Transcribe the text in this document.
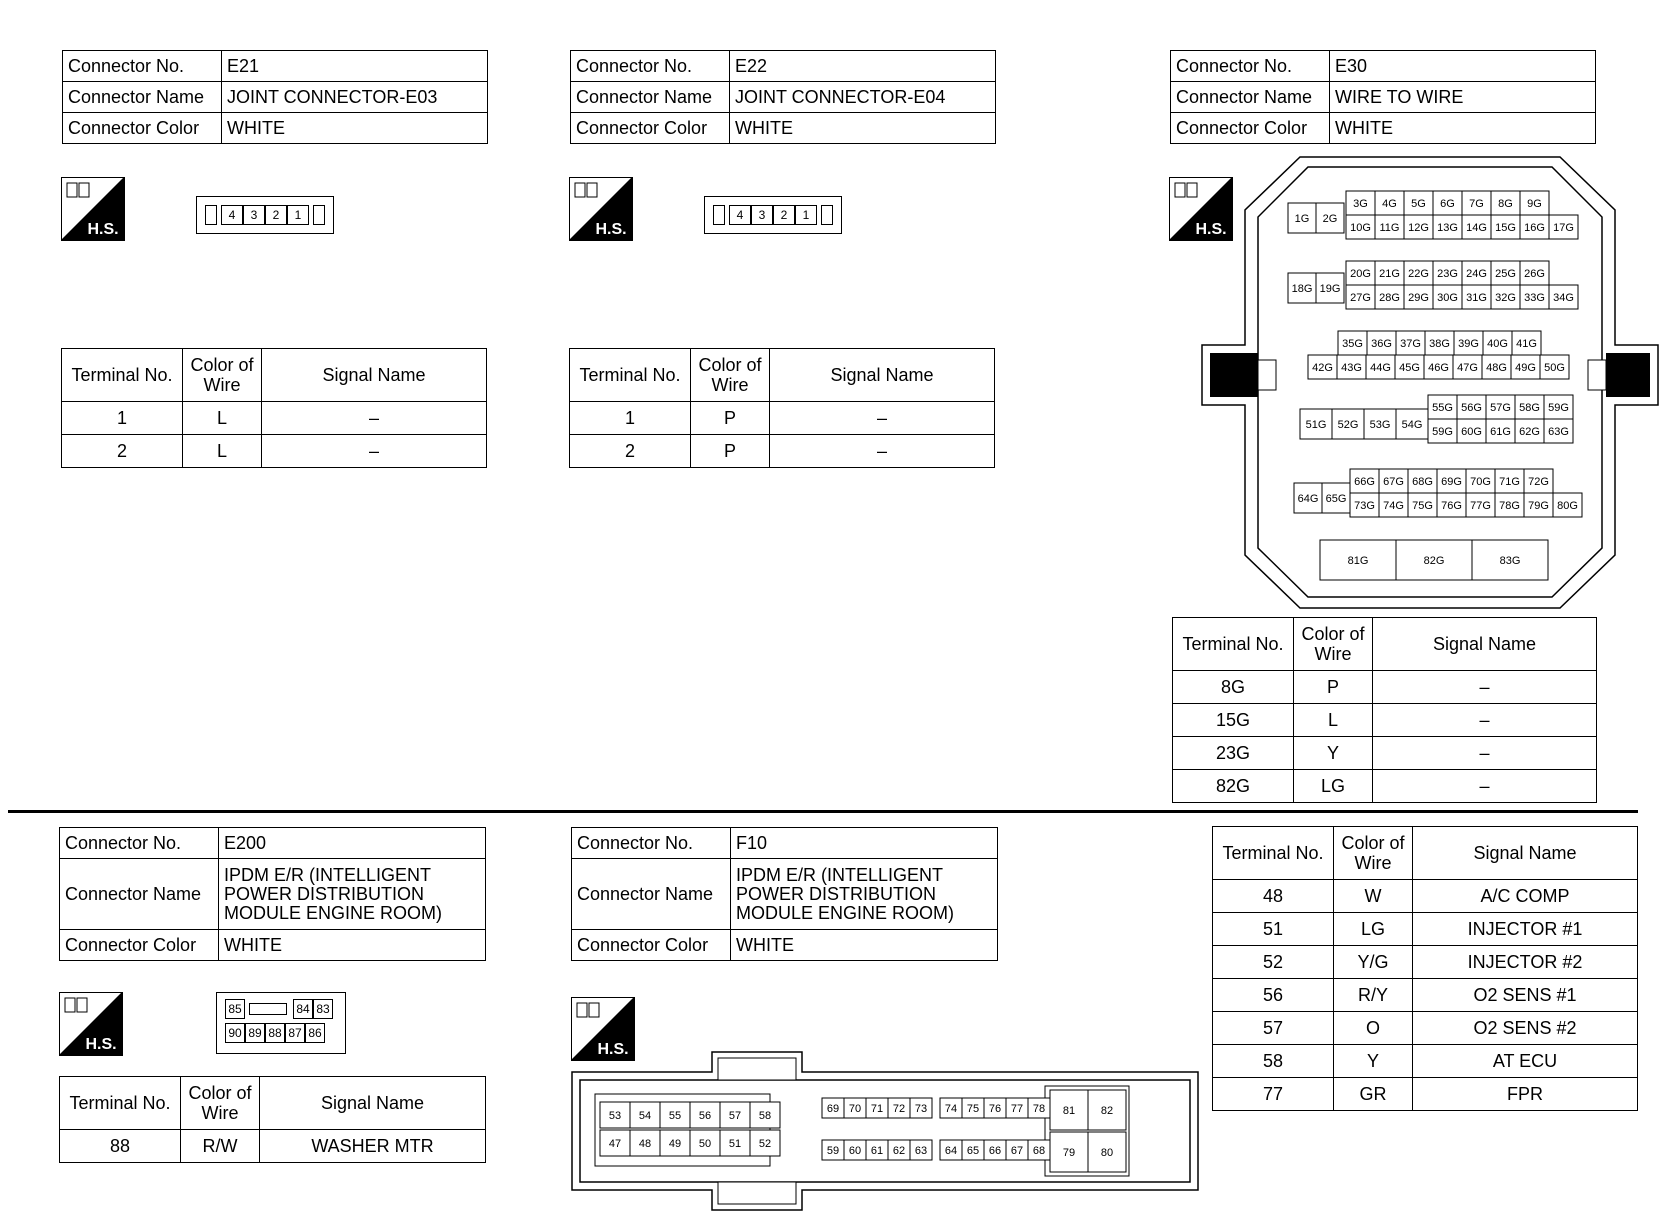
Connector No.	E21
Connector Name	JOINT CONNECTOR-E03
Connector Color	WHITE
H.S.
4	3	2	1
Terminal No.	Color of Wire	Signal Name
1	L	–
2	L	–
Connector No.	E22
Connector Name	JOINT CONNECTOR-E04
Connector Color	WHITE
H.S.
4	3	2	1
Terminal No.	Color of Wire	Signal Name
1	P	–
2	P	–
Connector No.	E30
Connector Name	WIRE TO WIRE
Connector Color	WHITE
H.S.
3G 4G 5G 6G 7G 8G 9G
1G 2G
10G 11G 12G 13G 14G 15G 16G 17G
20G 21G 22G 23G 24G 25G 26G
18G 19G
27G 28G 29G 30G 31G 32G 33G 34G
35G 36G 37G 38G 39G 40G 41G
42G 43G 44G 45G 46G 47G 48G 49G 50G
55G 56G 57G 58G 59G
51G 52G 53G 54G
59G 60G 61G 62G 63G
66G 67G 68G 69G 70G 71G 72G
64G 65G
73G 74G 75G 76G 77G 78G 79G 80G
81G	82G	83G
Terminal No.	Color of Wire	Signal Name
8G	P	–
15G	L	–
23G	Y	–
82G	LG	–
Connector No.	E200
Connector Name	IPDM E/R (INTELLIGENT
POWER DISTRIBUTION
MODULE ENGINE ROOM)

Connector Color	WHITE
H.S.
85	84 83
90 89 88 87 86
Terminal No.	Color of Wire	Signal Name
88	R/W	WASHER MTR
Connector No.	F10
Connector Name	IPDM E/R (INTELLIGENT
POWER DISTRIBUTION
MODULE ENGINE ROOM)

Connector Color	WHITE
H.S.
53 54 55 56 57 58
47 48 49 50 51 52
69 70 71 72 73 74 75 76 77 78
59 60 61 62 63 64 65 66 67 68
81 82
79 80
Terminal No.	Color of Wire	Signal Name
48	W	A/C COMP
51	LG	INJECTOR #1
52	Y/G	INJECTOR #2
56	R/Y	O2 SENS #1
57	O	O2 SENS #2
58	Y	AT ECU
77	GR	FPR
